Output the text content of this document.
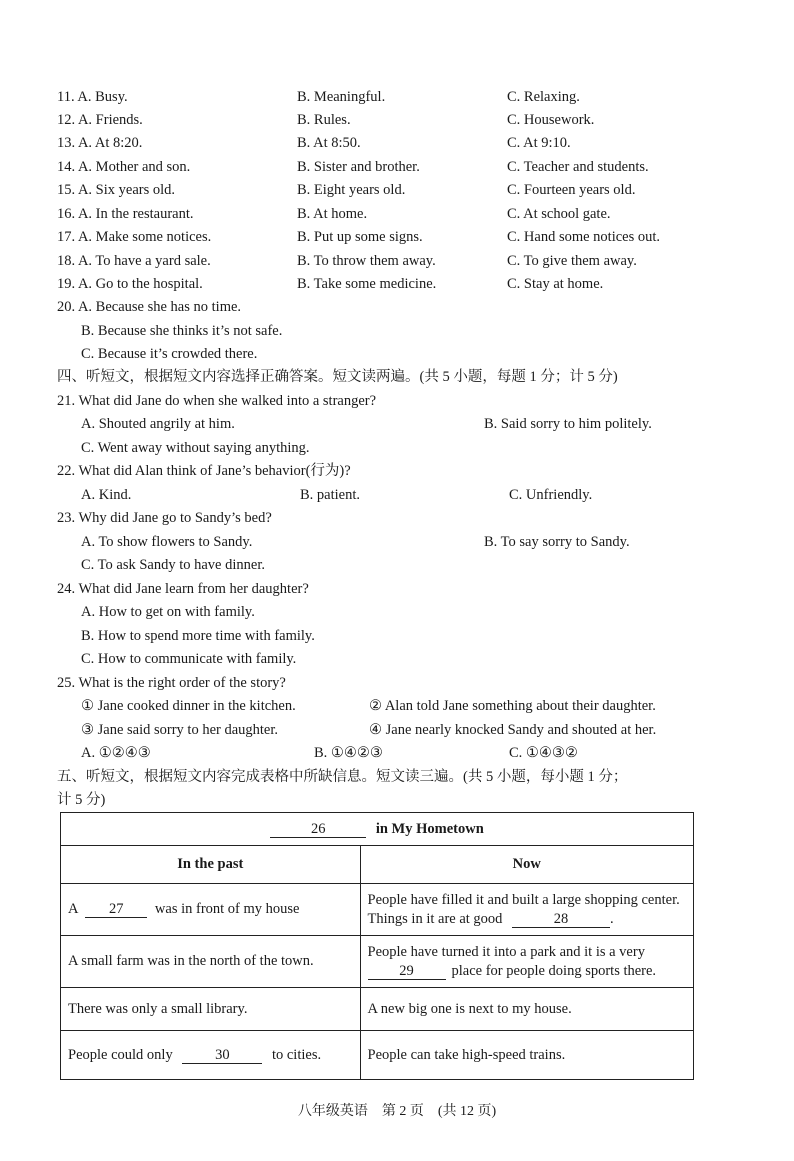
11. A. Busy.	B. Meaningful.	C. Relaxing.
12. A. Friends.	B. Rules.	C. Housework.
13. A. At 8:20.	B. At 8:50.	C. At 9:10.
14. A. Mother and son.	B. Sister and brother.	C. Teacher and students.
15. A. Six years old.	B. Eight years old.	C. Fourteen years old.
16. A. In the restaurant.	B. At home.	C. At school gate.
17. A. Make some notices.	B. Put up some signs.	C. Hand some notices out.
18. A. To have a yard sale.	B. To throw them away.	C. To give them away.
19. A. Go to the hospital.	B. Take some medicine.	C. Stay at home.
20. A. Because she has no time.
B. Because she thinks it’s not safe.
C. Because it’s crowded there.
四、听短文，根据短文内容选择正确答案。短文读两遍。(共 5 小题，每题 1 分；计 5 分)
21. What did Jane do when she walked into a stranger?
A. Shouted angrily at him.	B. Said sorry to him politely.
C. Went away without saying anything.
22. What did Alan think of Jane’s behavior(行为)?
A. Kind.	B. patient.	C. Unfriendly.
23. Why did Jane go to Sandy’s bed?
A. To show flowers to Sandy.	B. To say sorry to Sandy.
C. To ask Sandy to have dinner.
24. What did Jane learn from her daughter?
A. How to get on with family.
B. How to spend more time with family.
C. How to communicate with family.
25. What is the right order of the story?
① Jane cooked dinner in the kitchen.	② Alan told Jane something about their daughter.
③ Jane said sorry to her daughter.	④ Jane nearly knocked Sandy and shouted at her.
A. ①②④③	B. ①④②③	C. ①④③②
五、听短文，根据短文内容完成表格中所缺信息。短文读三遍。(共 5 小题，每小题 1 分；
计 5 分)
26 in My Hometown	
In the past	Now
A 27 was in front of my house	People have filled it and built a large shopping center. Things in it are at good 28 .
A small farm was in the north of the town.	People have turned it into a park and it is a very 29 place for people doing sports there.
There was only a small library.	A new big one is next to my house.
People could only 30 to cities.	People can take high-speed trains.
八年级英语　第 2 页　(共 12 页)
